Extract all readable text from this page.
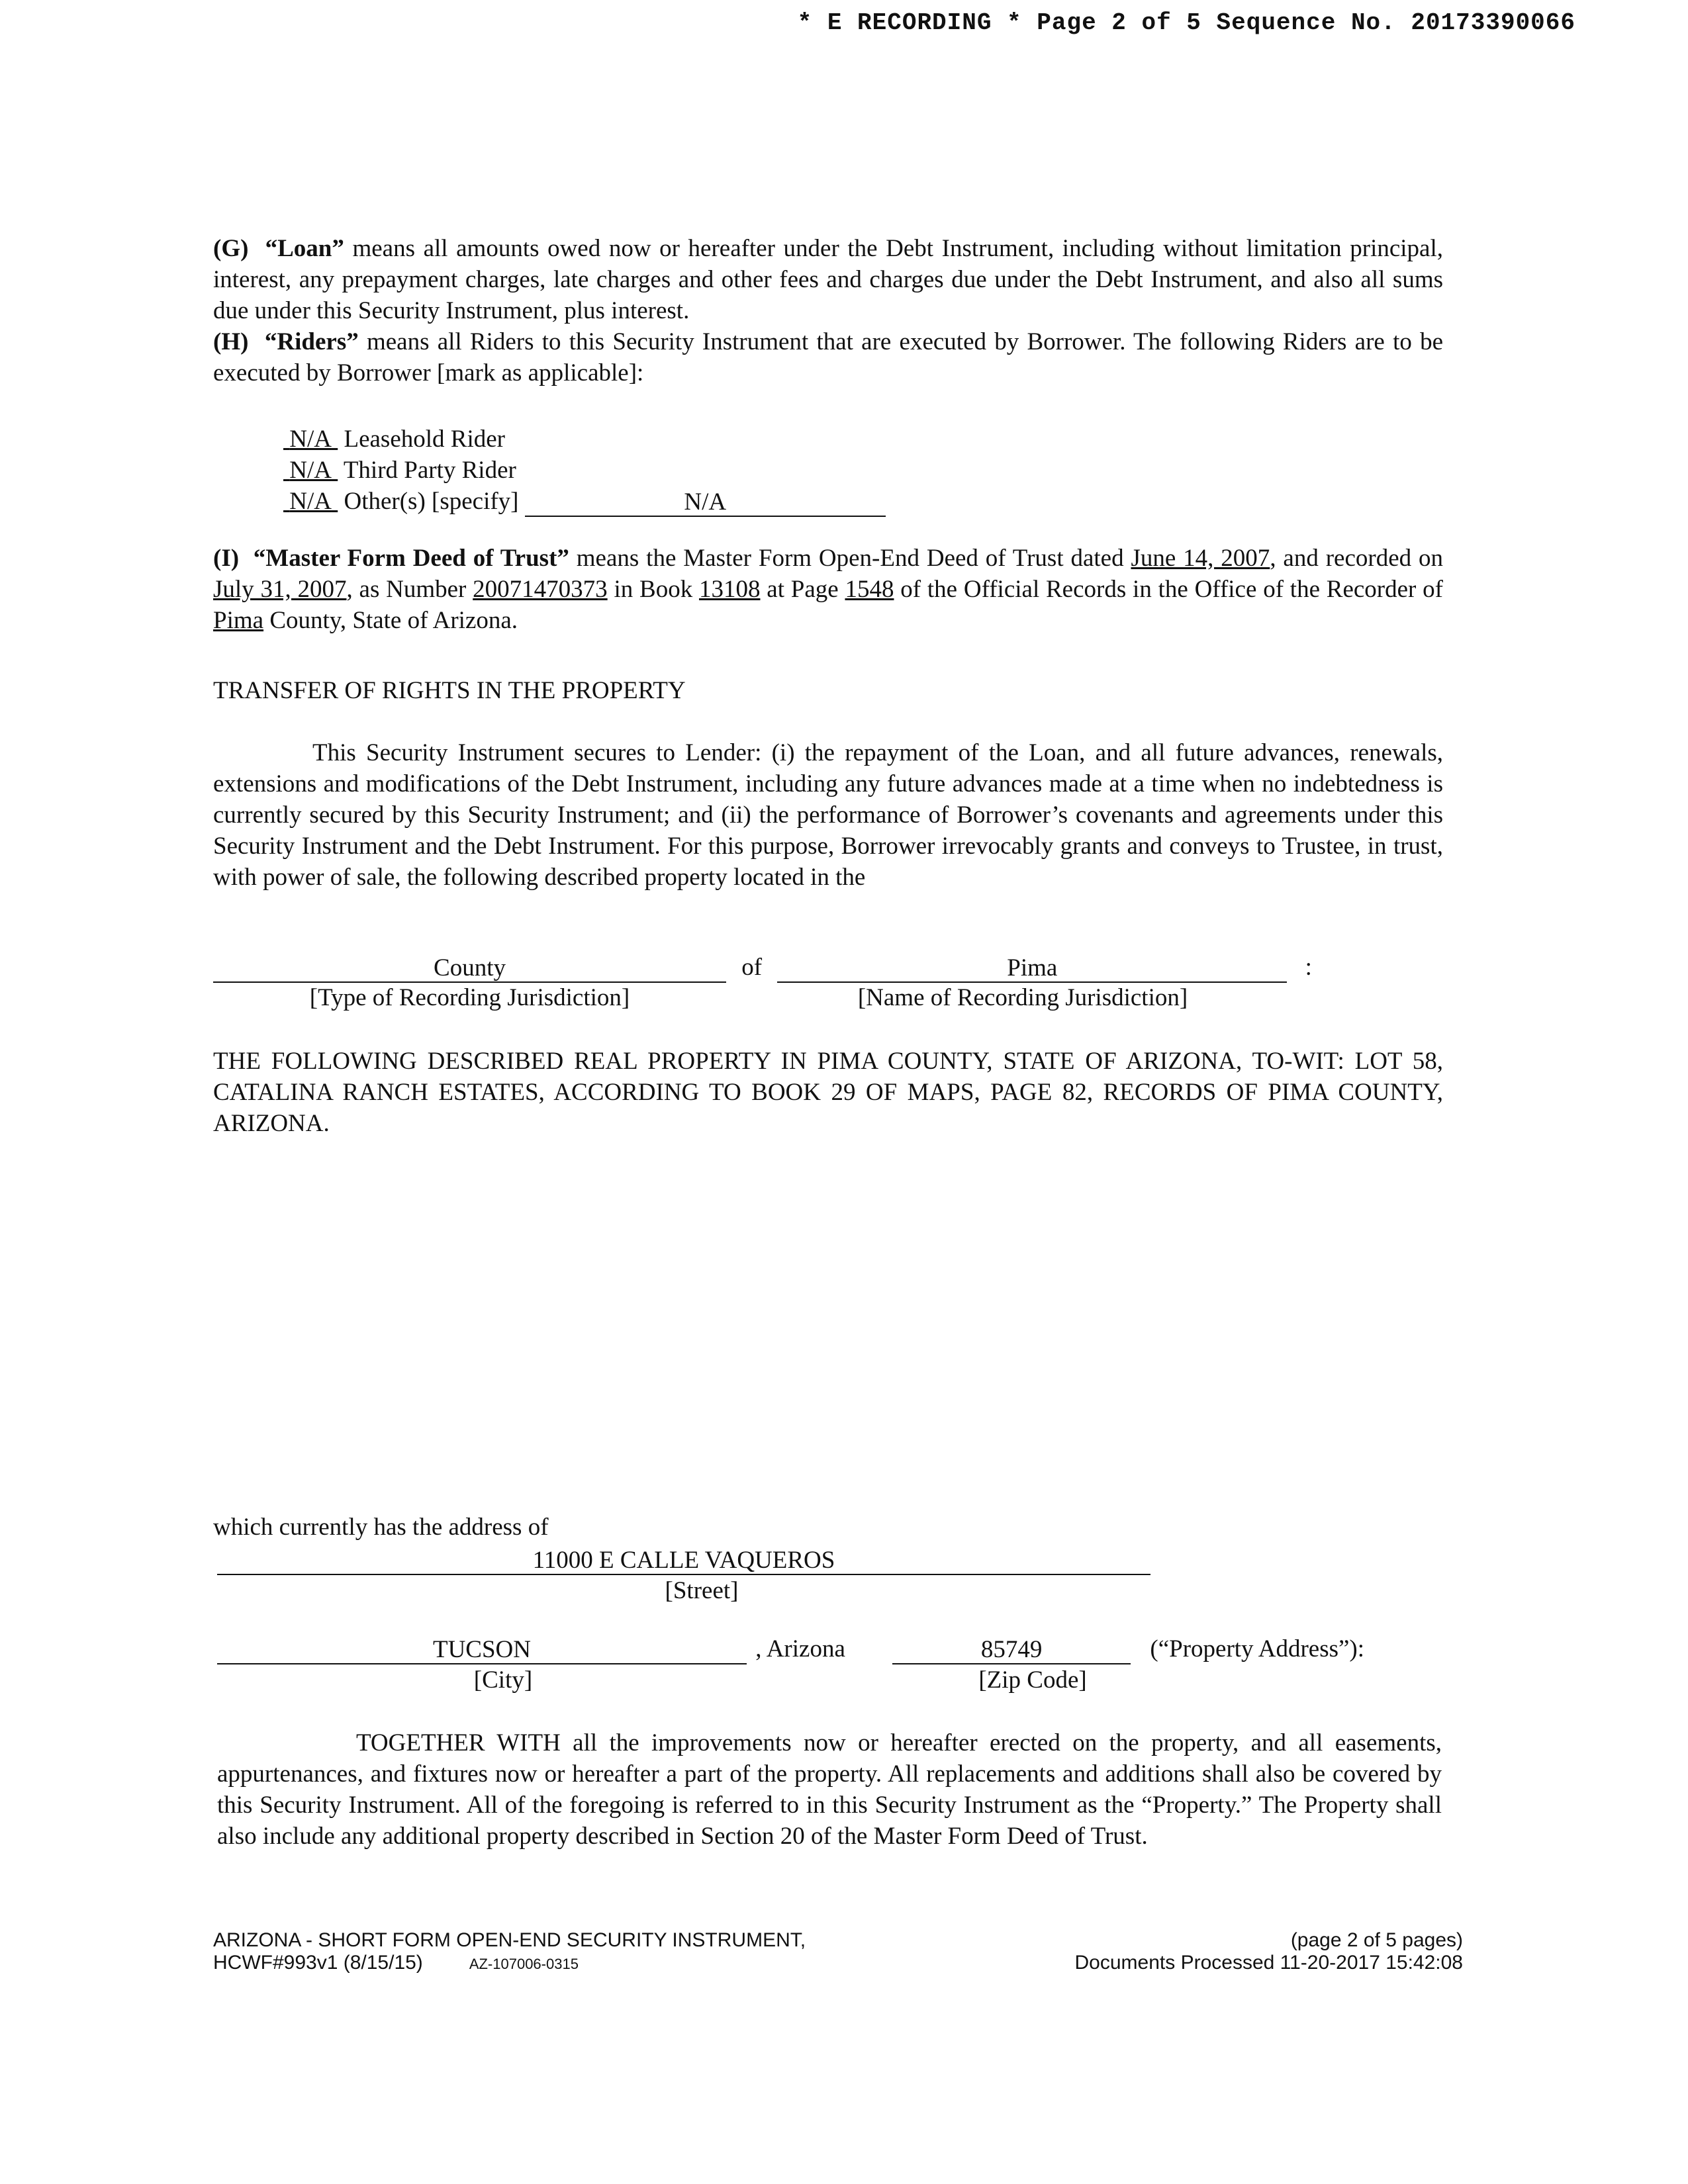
* E RECORDING * Page 2 of 5 Sequence No. 20173390066

(G) “Loan” means all amounts owed now or hereafter under the Debt Instrument, including without limitation principal, interest, any prepayment charges, late charges and other fees and charges due under the Debt Instrument, and also all sums due under this Security Instrument, plus interest.

(H) “Riders” means all Riders to this Security Instrument that are executed by Borrower. The following Riders are to be executed by Borrower [mark as applicable]:

N/A Leasehold Rider
N/A Third Party Rider
N/A Other(s) [specify]	N/A

(I) “Master Form Deed of Trust” means the Master Form Open-End Deed of Trust dated June 14, 2007, and recorded on July 31, 2007, as Number 20071470373 in Book 13108 at Page 1548 of the Official Records in the Office of the Recorder of Pima County, State of Arizona.

TRANSFER OF RIGHTS IN THE PROPERTY
This Security Instrument secures to Lender: (i) the repayment of the Loan, and all future advances, renewals, extensions and modifications of the Debt Instrument, including any future advances made at a time when no indebtedness is currently secured by this Security Instrument; and (ii) the performance of Borrower’s covenants and agreements under this Security Instrument and the Debt Instrument. For this purpose, Borrower irrevocably grants and conveys to Trustee, in trust, with power of sale, the following described property located in the
County	of	Pima	:
[Type of Recording Jurisdiction]	[Name of Recording Jurisdiction]
THE FOLLOWING DESCRIBED REAL PROPERTY IN PIMA COUNTY, STATE OF ARIZONA, TO-WIT: LOT 58, CATALINA RANCH ESTATES, ACCORDING TO BOOK 29 OF MAPS, PAGE 82, RECORDS OF PIMA COUNTY, ARIZONA.
which currently has the address of
11000 E CALLE VAQUEROS
[Street]
TUCSON	, Arizona	85749	(“Property Address”):
[City]	[Zip Code]
TOGETHER WITH all the improvements now or hereafter erected on the property, and all easements, appurtenances, and fixtures now or hereafter a part of the property. All replacements and additions shall also be covered by this Security Instrument. All of the foregoing is referred to in this Security Instrument as the “Property.” The Property shall also include any additional property described in Section 20 of the Master Form Deed of Trust.
ARIZONA - SHORT FORM OPEN-END SECURITY INSTRUMENT,
HCWF#993v1 (8/15/15)	AZ-107006-0315
(page 2 of 5 pages)
Documents Processed 11-20-2017 15:42:08
